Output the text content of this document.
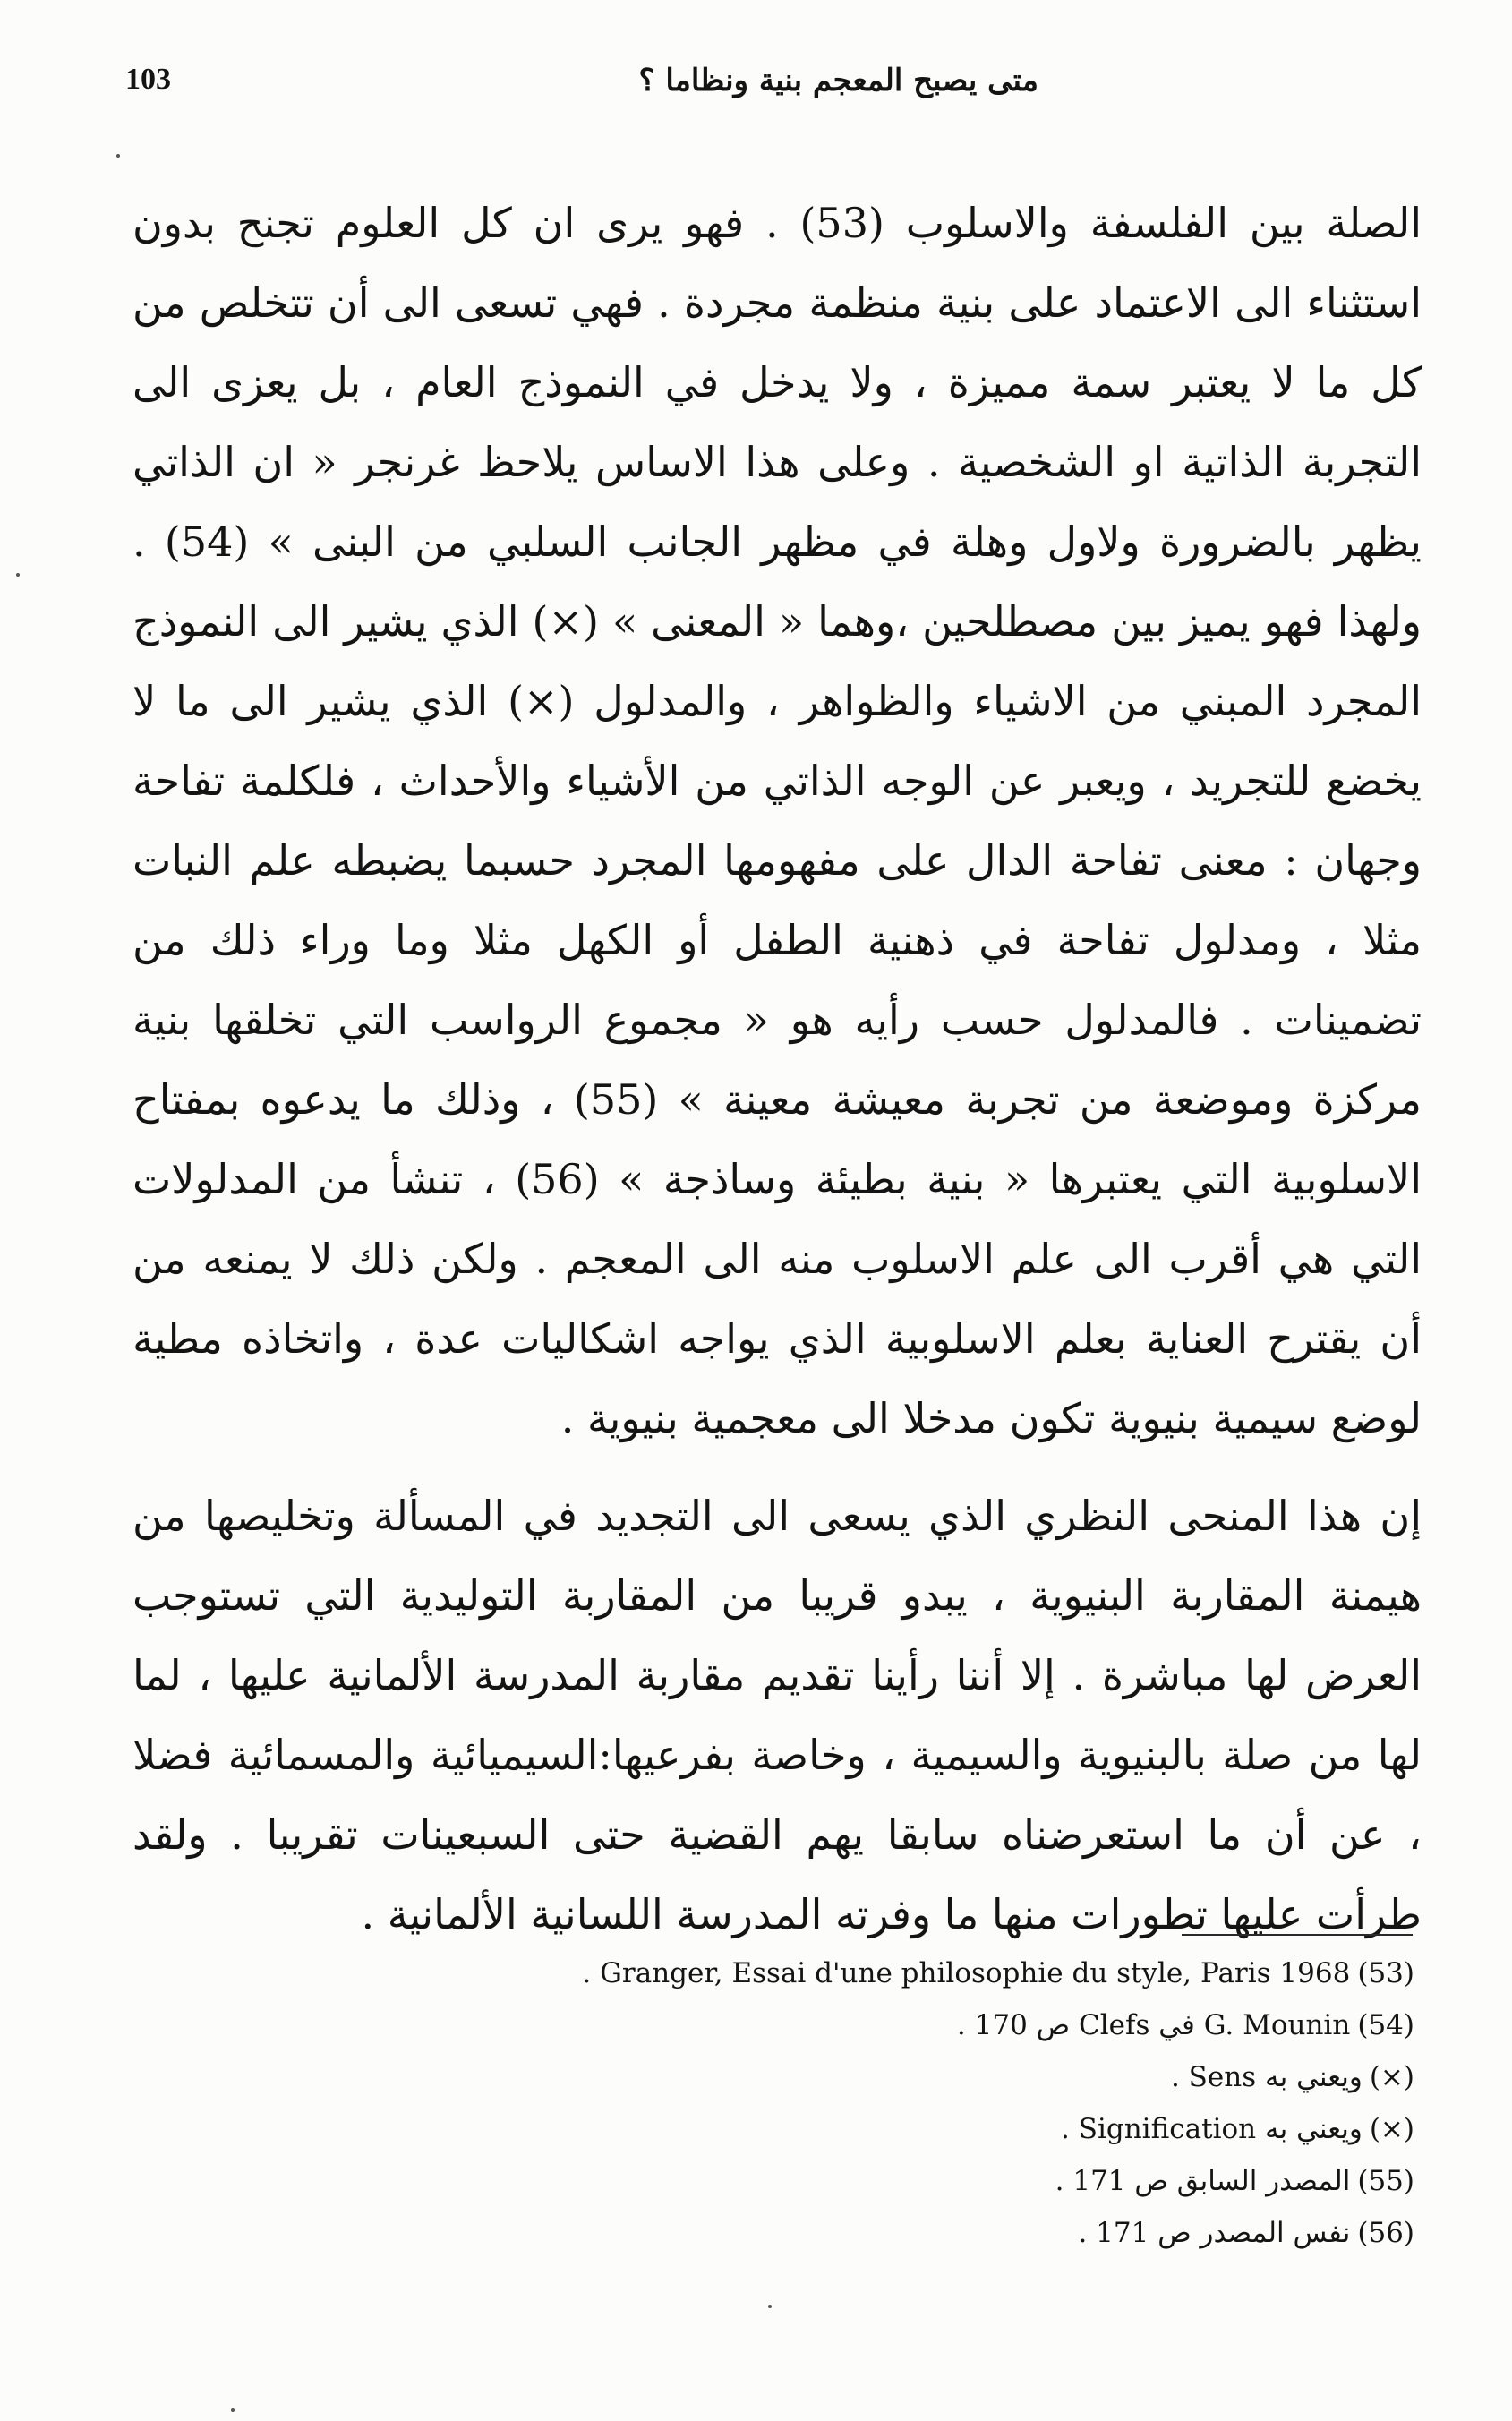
103	متى يصبح المعجم بنية ونظاما ؟

الصلة بين الفلسفة والاسلوب (53) . فهو يرى ان كل العلوم تجنح بدون استثناء الى الاعتماد على بنية منظمة مجردة . فهي تسعى الى أن تتخلص من كل ما لا يعتبر سمة مميزة ، ولا يدخل في النموذج العام ، بل يعزى الى التجربة الذاتية او الشخصية . وعلى هذا الاساس يلاحظ غرنجر « ان الذاتي يظهر بالضرورة ولاول وهلة في مظهر الجانب السلبي من البنى » (54) . ولهذا فهو يميز بين مصطلحين ،وهما « المعنى » (×) الذي يشير الى النموذج المجرد المبني من الاشياء والظواهر ، والمدلول (×) الذي يشير الى ما لا يخضع للتجريد ، ويعبر عن الوجه الذاتي من الأشياء والأحداث ، فلكلمة تفاحة وجهان : معنى تفاحة الدال على مفهومها المجرد حسبما يضبطه علم النبات مثلا ، ومدلول تفاحة في ذهنية الطفل أو الكهل مثلا وما وراء ذلك من تضمينات . فالمدلول حسب رأيه هو « مجموع الرواسب التي تخلقها بنية مركزة وموضعة من تجربة معيشة معينة » (55) ، وذلك ما يدعوه بمفتاح الاسلوبية التي يعتبرها « بنية بطيئة وساذجة » (56) ، تنشأ من المدلولات التي هي أقرب الى علم الاسلوب منه الى المعجم . ولكن ذلك لا يمنعه من أن يقترح العناية بعلم الاسلوبية الذي يواجه اشكاليات عدة ، واتخاذه مطية لوضع سيمية بنيوية تكون مدخلا الى معجمية بنيوية .

إن هذا المنحى النظري الذي يسعى الى التجديد في المسألة وتخليصها من هيمنة المقاربة البنيوية ، يبدو قريبا من المقاربة التوليدية التي تستوجب العرض لها مباشرة . إلا أننا رأينا تقديم مقاربة المدرسة الألمانية عليها ، لما لها من صلة بالبنيوية والسيمية ، وخاصة بفرعيها:السيميائية والمسمائية فضلا ، عن أن ما استعرضناه سابقا يهم القضية حتى السبعينات تقريبا . ولقد طرأت عليها تطورات منها ما وفرته المدرسة اللسانية الألمانية .

(53)Granger, Essai d'une philosophie du style, Paris 1968 .

(54)G. Mounin في Clefs ص 170 .

(×)ويعني به Sens .

(×)ويعني به Signification .

(55)المصدر السابق ص 171 .

(56)نفس المصدر ص 171 .
